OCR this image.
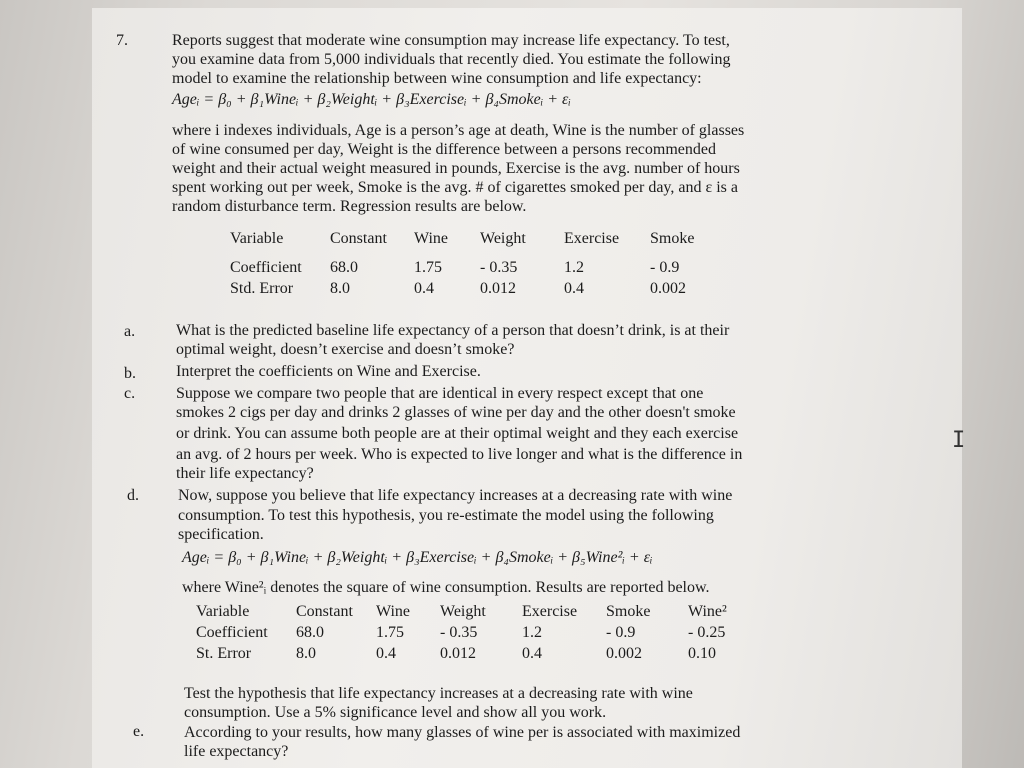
7.	Reports suggest that moderate wine consumption may increase life expectancy. To test,
you examine data from 5,000 individuals that recently died. You estimate the following
model to examine the relationship between wine consumption and life expectancy:
Ageᵢ = β₀ + β₁Wineᵢ + β₂Weightᵢ + β₃Exerciseᵢ + β₄Smokeᵢ + εᵢ
where i indexes individuals, Age is a person’s age at death, Wine is the number of glasses
of wine consumed per day, Weight is the difference between a persons recommended
weight and their actual weight measured in pounds, Exercise is the avg. number of hours
spent working out per week, Smoke is the avg. # of cigarettes smoked per day, and ε is a
random disturbance term. Regression results are below.
Variable	Constant	Wine	Weight	Exercise	Smoke

Coefficient	68.0	1.75	- 0.35	1.2	- 0.9
Std. Error	8.0	0.4	0.012	0.4	0.002
a.	What is the predicted baseline life expectancy of a person that doesn’t drink, is at their
optimal weight, doesn’t exercise and doesn’t smoke?
b.	Interpret the coefficients on Wine and Exercise.
c.	Suppose we compare two people that are identical in every respect except that one
smokes 2 cigs per day and drinks 2 glasses of wine per day and the other doesn't smoke
or drink. You can assume both people are at their optimal weight and they each exercise
an avg. of 2 hours per week. Who is expected to live longer and what is the difference in
their life expectancy?
d. Now, suppose you believe that life expectancy increases at a decreasing rate with wine
consumption. To test this hypothesis, you re-estimate the model using the following
specification.
Ageᵢ = β₀ + β₁Wineᵢ + β₂Weightᵢ + β₃Exerciseᵢ + β₄Smokeᵢ + β₅Wine²ᵢ + εᵢ
where Wine²ᵢ denotes the square of wine consumption. Results are reported below.
Variable	Constant	Wine	Weight	Exercise	Smoke	Wine²
Coefficient	68.0	1.75	- 0.35	1.2	- 0.9	- 0.25
St. Error	8.0	0.4	0.012	0.4	0.002	0.10
Test the hypothesis that life expectancy increases at a decreasing rate with wine
consumption. Use a 5% significance level and show all you work.
e. According to your results, how many glasses of wine per is associated with maximized
life expectancy?
I
